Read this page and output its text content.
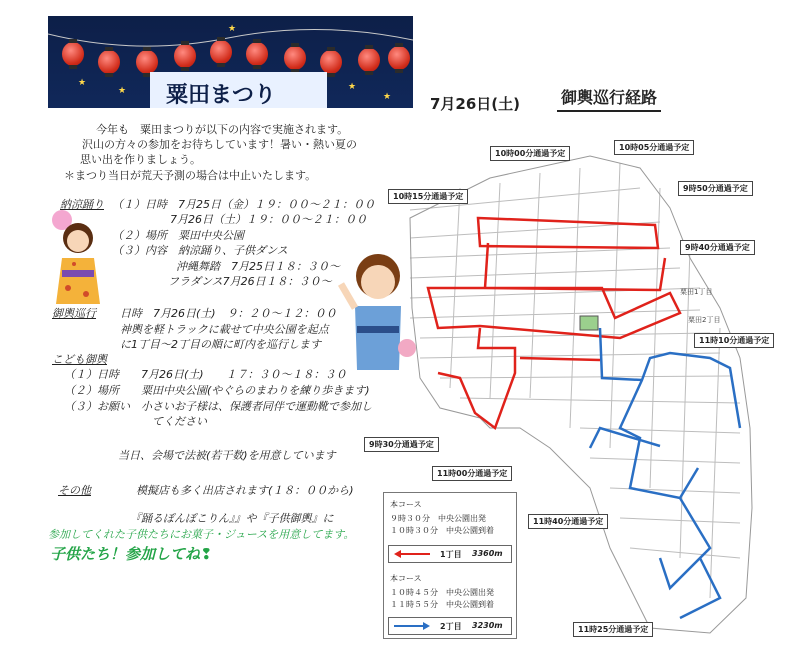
★
★	★
★
★
粟田まつり	7月26日(土)	御輿巡行経路
今年も　粟田まつりが以下の内容で実施されます。
沢山の方々の参加をお待ちしています！暑い・熱い夏の
思い出を作りましょう。
＊まつり当日が荒天予測の場合は中止いたします。
納涼踊り （１）日時　7月25日（金）１９：００～２１：００
7月26日（土）１９：００～２１：００
（２）場所　粟田中央公園
（３）内容　納涼踊り、子供ダンス
沖縄舞踏　7月25日１８：３０～
フラダンス7月26日１８：３０～
御輿巡行 日時　7月26日(土)　９：２０～１２：００
神輿を軽トラックに載せて中央公園を起点
に1丁目～2丁目の順に町内を巡行します
こども御輿
（１）日時　　7月26日(土)　　１７：３０～１８：３０
（２）場所　　粟田中央公園(やぐらのまわりを練り歩きます)
（３）お願い　小さいお子様は、保護者同伴で運動靴で参加し
てください
当日、会場で法被(若干数)を用意しています
その他	模擬店も多く出店されます(１８：００から)
『踊るぽんぽこりん』』や『子供御輿』に
参加してくれた子供たちにお菓子・ジュースを用意してます。
子供たち！参加してね❢
粟田1丁目
粟田2丁目
10時00分通過予定
10時05分通過予定
10時15分通過予定
9時50分通過予定
9時40分通過予定
11時10分通過予定
9時30分通過予定
11時00分通過予定
11時40分通過予定
11時25分通過予定
本コース
９時３０分　中央公園出発
１０時３０分　中央公園到着
1丁目 3360m
本コース
１０時４５分　中央公園出発
１１時５５分　中央公園到着
2丁目 3230m
